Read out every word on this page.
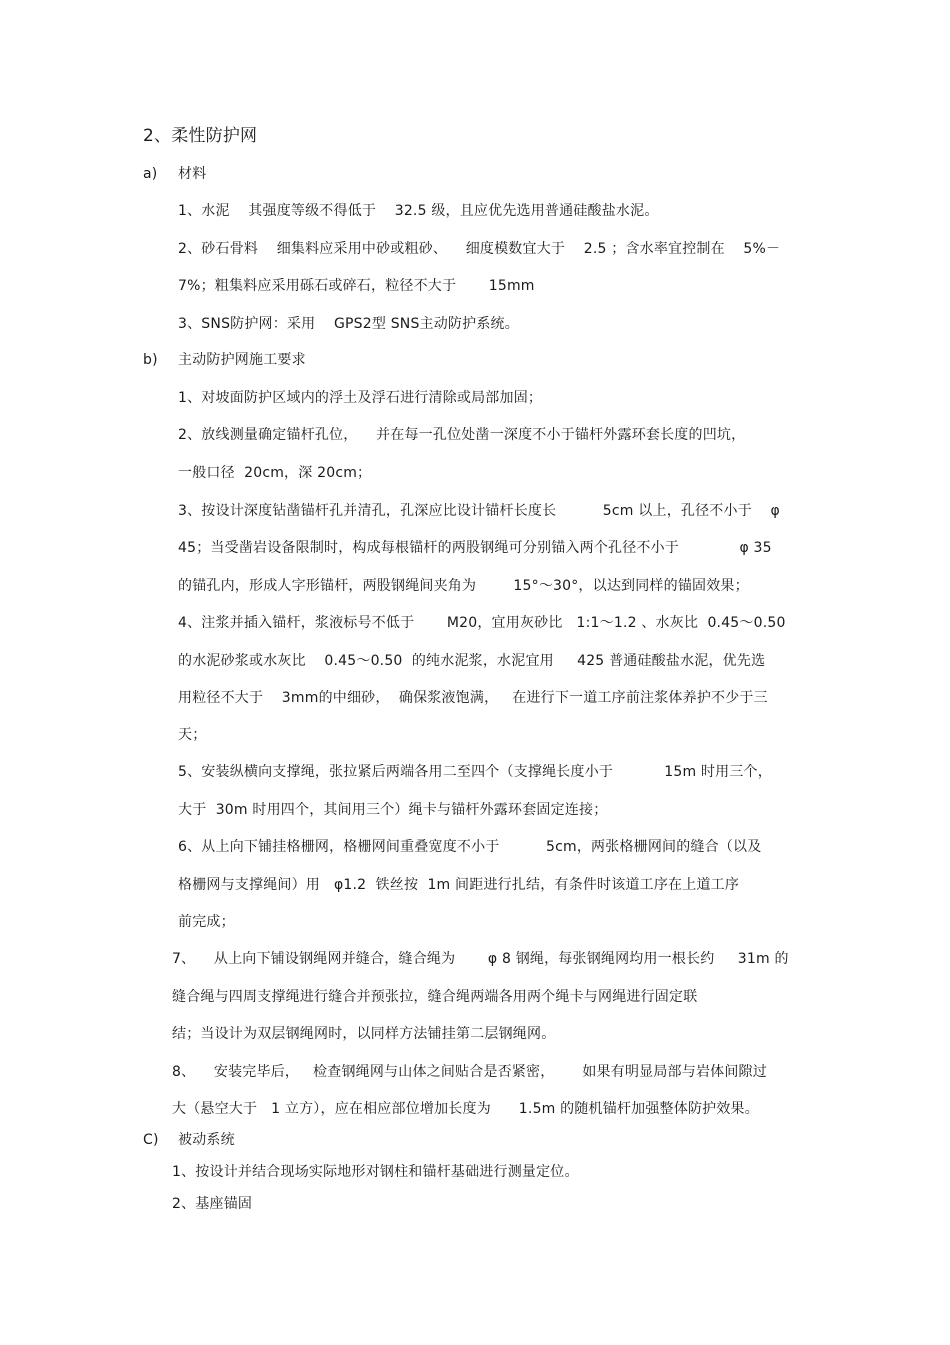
2、柔性防护网
a) 材料
1、水泥    其强度等级不得低于    32.5 级，且应优先选用普通硅酸盐水泥。
2、砂石骨料    细集料应采用中砂或粗砂、    细度模数宜大于    2.5 ；含水率宜控制在    5%－
7%；粗集料应采用砾石或碎石，粒径不大于       15mm
3、SNS防护网：采用    GPS2型 SNS主动防护系统。
b) 主动防护网施工要求
1、对坡面防护区域内的浮土及浮石进行清除或局部加固；
2、放线测量确定锚杆孔位，    并在每一孔位处凿一深度不小于锚杆外露环套长度的凹坑，
一般口径  20cm，深 20cm；
3、按设计深度钻凿锚杆孔并清孔，孔深应比设计锚杆长度长          5cm 以上，孔径不小于    φ
45；当受凿岩设备限制时，构成每根锚杆的两股钢绳可分别锚入两个孔径不小于             φ 35
的锚孔内，形成人字形锚杆，两股钢绳间夹角为        15°～30°，以达到同样的锚固效果；
4、注浆并插入锚杆，浆液标号不低于       M20，宜用灰砂比   1:1～1.2 、水灰比  0.45～0.50
的水泥砂浆或水灰比    0.45～0.50  的纯水泥浆，水泥宜用     425 普通硅酸盐水泥，优先选
用粒径不大于    3mm的中细砂，  确保浆液饱满，   在进行下一道工序前注浆体养护不少于三
天；
5、安装纵横向支撑绳，张拉紧后两端各用二至四个（支撑绳长度小于           15m 时用三个，
大于  30m 时用四个，其间用三个）绳卡与锚杆外露环套固定连接；
6、从上向下铺挂格栅网，格栅网间重叠宽度不小于          5cm，两张格栅网间的缝合（以及
格栅网与支撑绳间）用   φ1.2  铁丝按  1m 间距进行扎结，有条件时该道工序在上道工序
前完成；
7、    从上向下铺设钢绳网并缝合，缝合绳为       φ 8 钢绳，每张钢绳网均用一根长约     31m 的
缝合绳与四周支撑绳进行缝合并预张拉，缝合绳两端各用两个绳卡与网绳进行固定联
结；当设计为双层钢绳网时，以同样方法铺挂第二层钢绳网。
8、    安装完毕后，   检查钢绳网与山体之间贴合是否紧密，      如果有明显局部与岩体间隙过
大（悬空大于   1 立方），应在相应部位增加长度为      1.5m 的随机锚杆加强整体防护效果。
C) 被动系统
1、按设计并结合现场实际地形对钢柱和锚杆基础进行测量定位。
2、基座锚固
